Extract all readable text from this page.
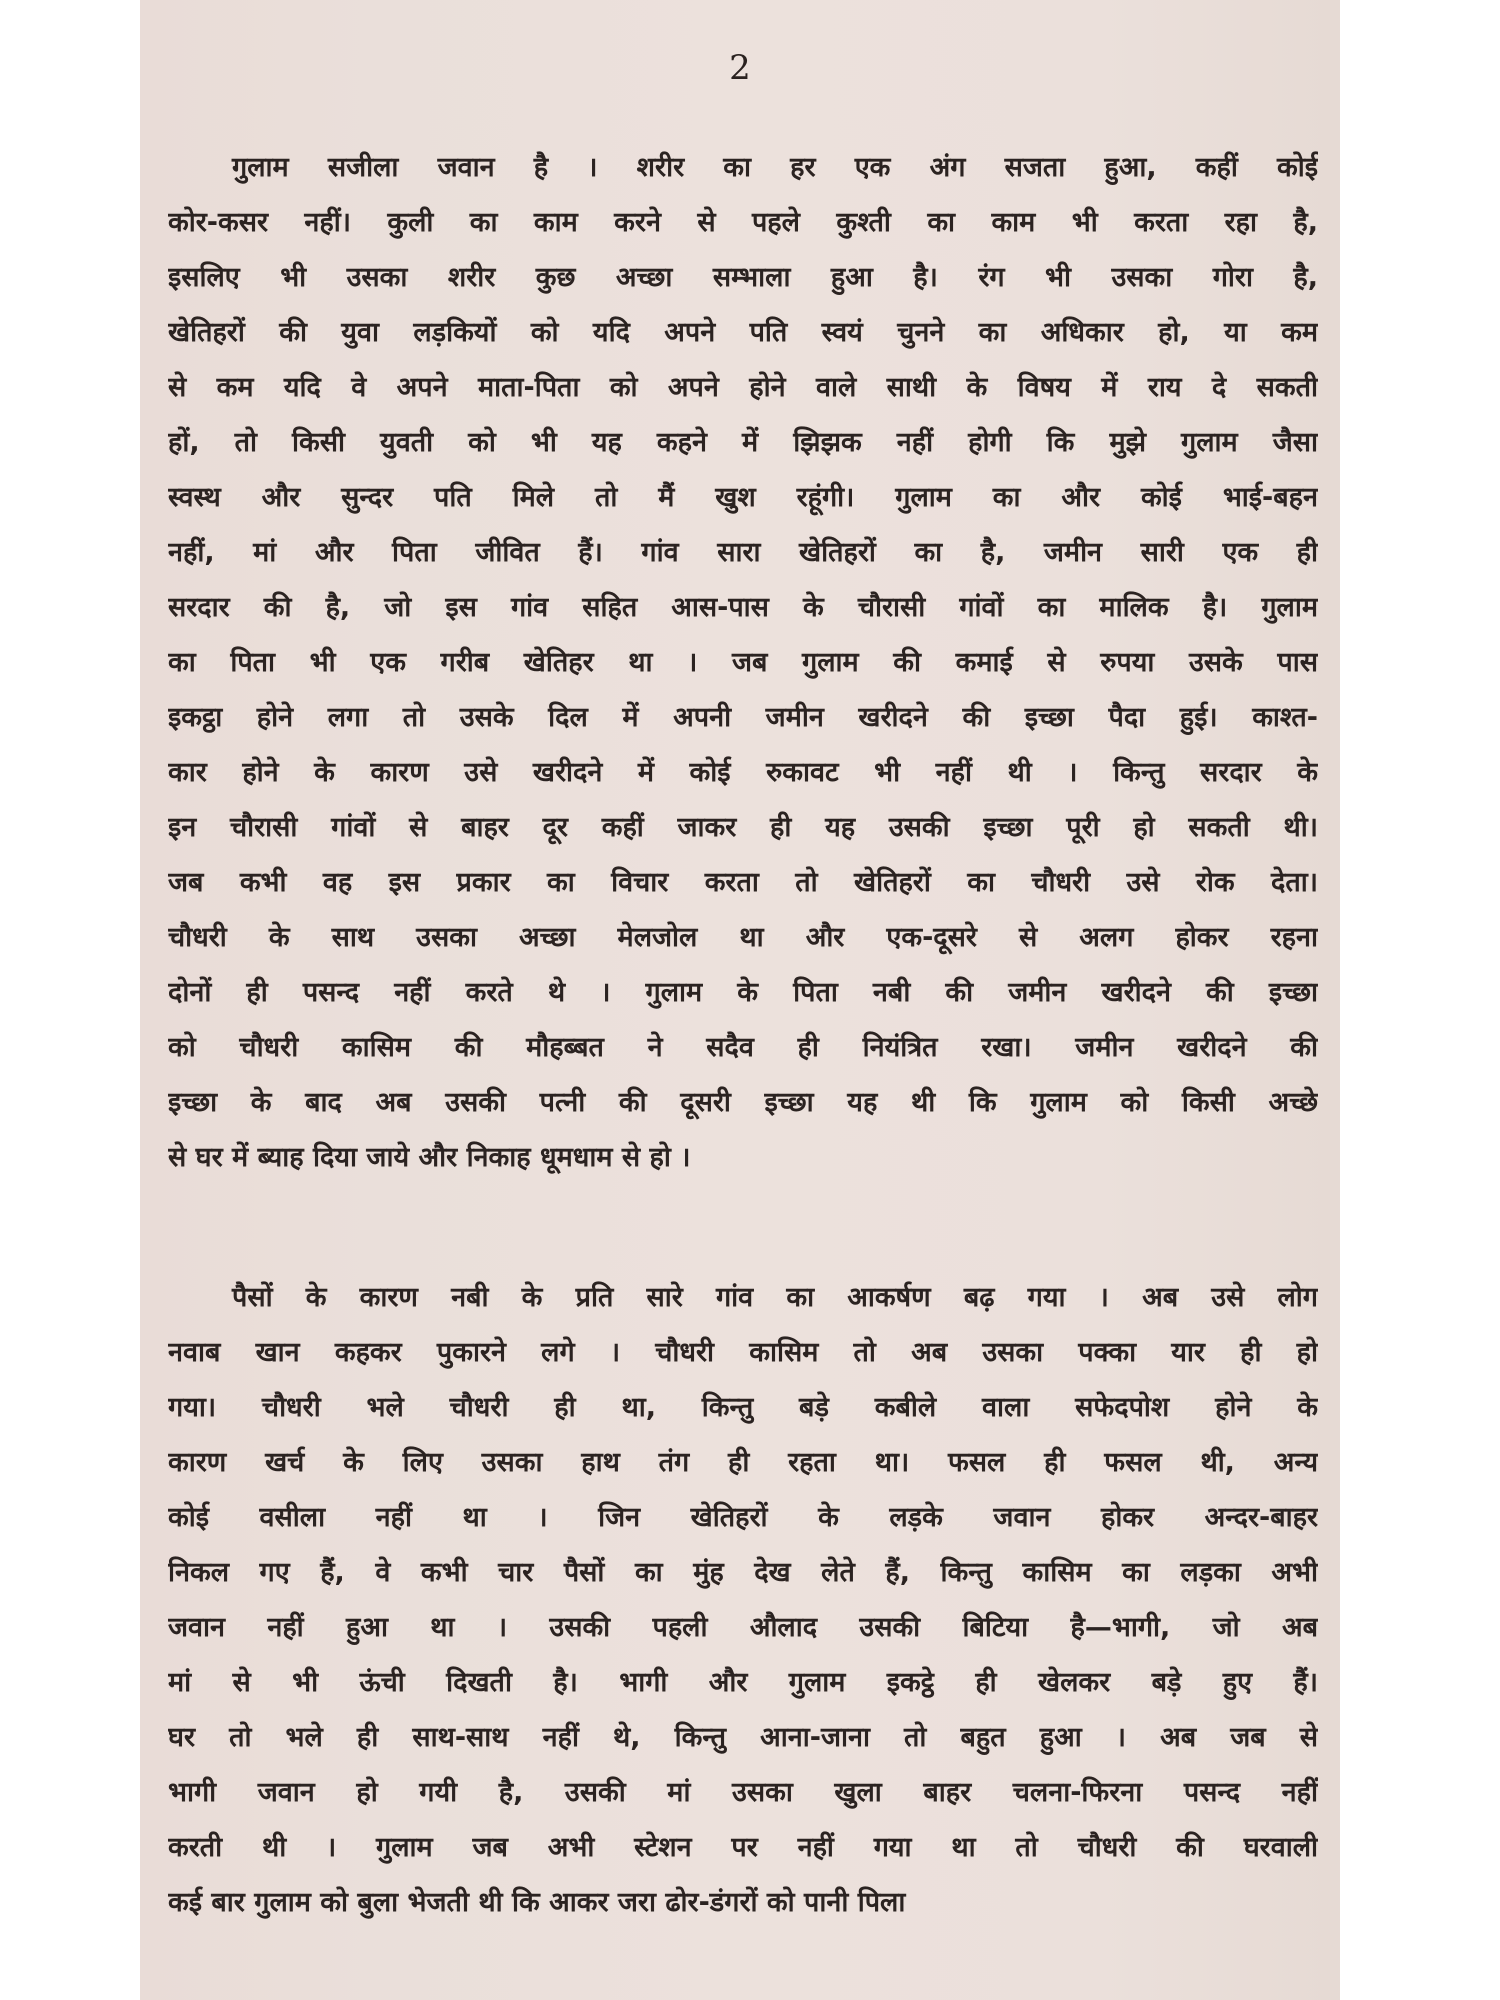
2
गुलाम सजीला जवान है । शरीर का हर एक अंग सजता हुआ, कहीं कोई
कोर-कसर नहीं। कुली का काम करने से पहले कुश्ती का काम भी करता रहा है,
इसलिए भी उसका शरीर कुछ अच्छा सम्भाला हुआ है। रंग भी उसका गोरा है,
खेतिहरों की युवा लड़कियों को यदि अपने पति स्वयं चुनने का अधिकार हो, या कम
से कम यदि वे अपने माता-पिता को अपने होने वाले साथी के विषय में राय दे सकती
हों, तो किसी युवती को भी यह कहने में झिझक नहीं होगी कि मुझे गुलाम जैसा
स्वस्थ और सुन्दर पति मिले तो मैं खुश रहूंगी। गुलाम का और कोई भाई-बहन
नहीं, मां और पिता जीवित हैं। गांव सारा खेतिहरों का है, जमीन सारी एक ही
सरदार की है, जो इस गांव सहित आस-पास के चौरासी गांवों का मालिक है। गुलाम
का पिता भी एक गरीब खेतिहर था । जब गुलाम की कमाई से रुपया उसके पास
इकट्ठा होने लगा तो उसके दिल में अपनी जमीन खरीदने की इच्छा पैदा हुई। काश्त-
कार होने के कारण उसे खरीदने में कोई रुकावट भी नहीं थी । किन्तु सरदार के
इन चौरासी गांवों से बाहर दूर कहीं जाकर ही यह उसकी इच्छा पूरी हो सकती थी।
जब कभी वह इस प्रकार का विचार करता तो खेतिहरों का चौधरी उसे रोक देता।
चौधरी के साथ उसका अच्छा मेलजोल था और एक-दूसरे से अलग होकर रहना
दोनों ही पसन्द नहीं करते थे । गुलाम के पिता नबी की जमीन खरीदने की इच्छा
को चौधरी कासिम की मौहब्बत ने सदैव ही नियंत्रित रखा। जमीन खरीदने की
इच्छा के बाद अब उसकी पत्नी की दूसरी इच्छा यह थी कि गुलाम को किसी अच्छे
से घर में ब्याह दिया जाये और निकाह धूमधाम से हो ।
पैसों के कारण नबी के प्रति सारे गांव का आकर्षण बढ़ गया । अब उसे लोग
नवाब खान कहकर पुकारने लगे । चौधरी कासिम तो अब उसका पक्का यार ही हो
गया। चौधरी भले चौधरी ही था, किन्तु बड़े कबीले वाला सफेदपोश होने के
कारण खर्च के लिए उसका हाथ तंग ही रहता था। फसल ही फसल थी, अन्य
कोई वसीला नहीं था । जिन खेतिहरों के लड़के जवान होकर अन्दर-बाहर
निकल गए हैं, वे कभी चार पैसों का मुंह देख लेते हैं, किन्तु कासिम का लड़का अभी
जवान नहीं हुआ था । उसकी पहली औलाद उसकी बिटिया है—भागी, जो अब
मां से भी ऊंची दिखती है। भागी और गुलाम इकट्ठे ही खेलकर बड़े हुए हैं।
घर तो भले ही साथ-साथ नहीं थे, किन्तु आना-जाना तो बहुत हुआ । अब जब से
भागी जवान हो गयी है, उसकी मां उसका खुला बाहर चलना-फिरना पसन्द नहीं
करती थी । गुलाम जब अभी स्टेशन पर नहीं गया था तो चौधरी की घरवाली
कई बार गुलाम को बुला भेजती थी कि आकर जरा ढोर-डंगरों को पानी पिला
